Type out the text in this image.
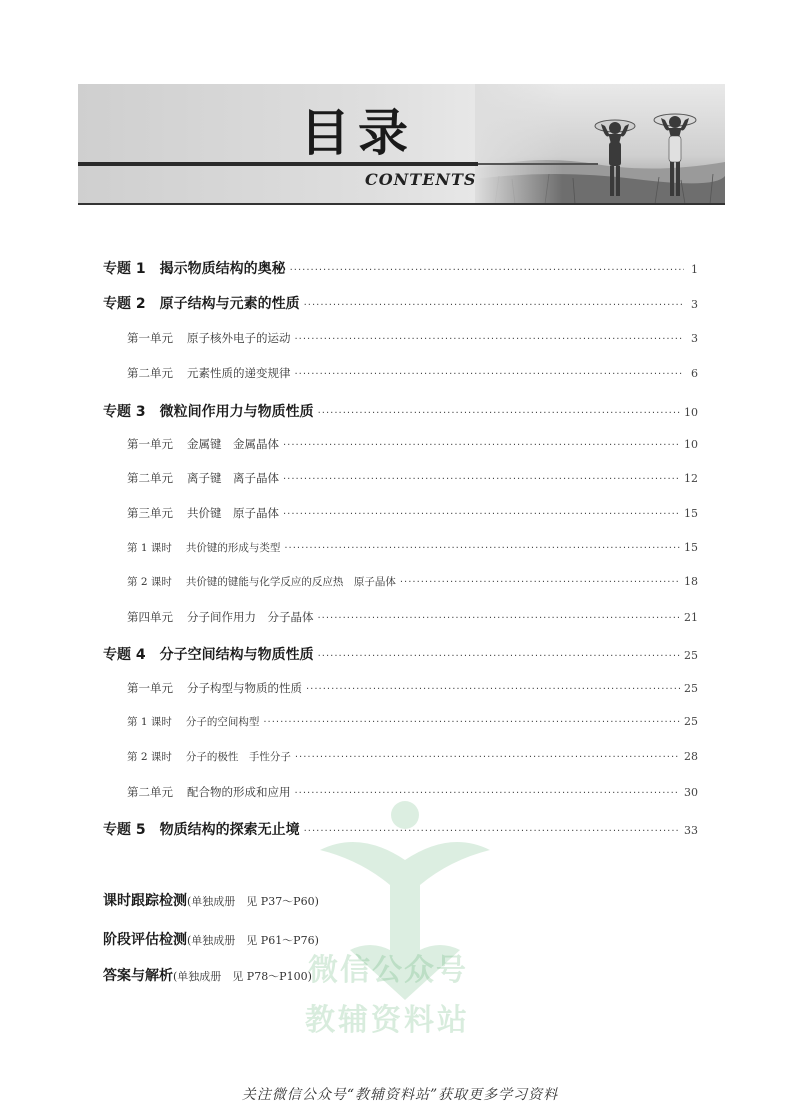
目录
CONTENTS
专题 1 揭示物质结构的奥秘 ·····	1
专题 2 原子结构与元素的性质 ·····	3
第一单元 原子核外电子的运动 ·····	3
第二单元 元素性质的递变规律 ·····	6
专题 3 微粒间作用力与物质性质 ·····	10
第一单元 金属键　金属晶体 ·····	10
第二单元 离子键　离子晶体 ·····	12
第三单元 共价键　原子晶体 ·····	15
第 1 课时 共价键的形成与类型 ·····	15
第 2 课时 共价键的键能与化学反应的反应热　原子晶体 ·····	18
第四单元 分子间作用力　分子晶体 ·····	21
专题 4 分子空间结构与物质性质 ·····	25
第一单元 分子构型与物质的性质 ·····	25
第 1 课时 分子的空间构型 ·····	25
第 2 课时 分子的极性　手性分子 ·····	28
第二单元 配合物的形成和应用 ·····	30
专题 5 物质结构的探索无止境 ·····	33
微信公众号
教辅资料站
课时跟踪检测(单独成册　见 P37～P60)
阶段评估检测(单独成册　见 P61～P76)
答案与解析(单独成册　见 P78～P100)
关注微信公众号“教辅资料站”获取更多学习资料
